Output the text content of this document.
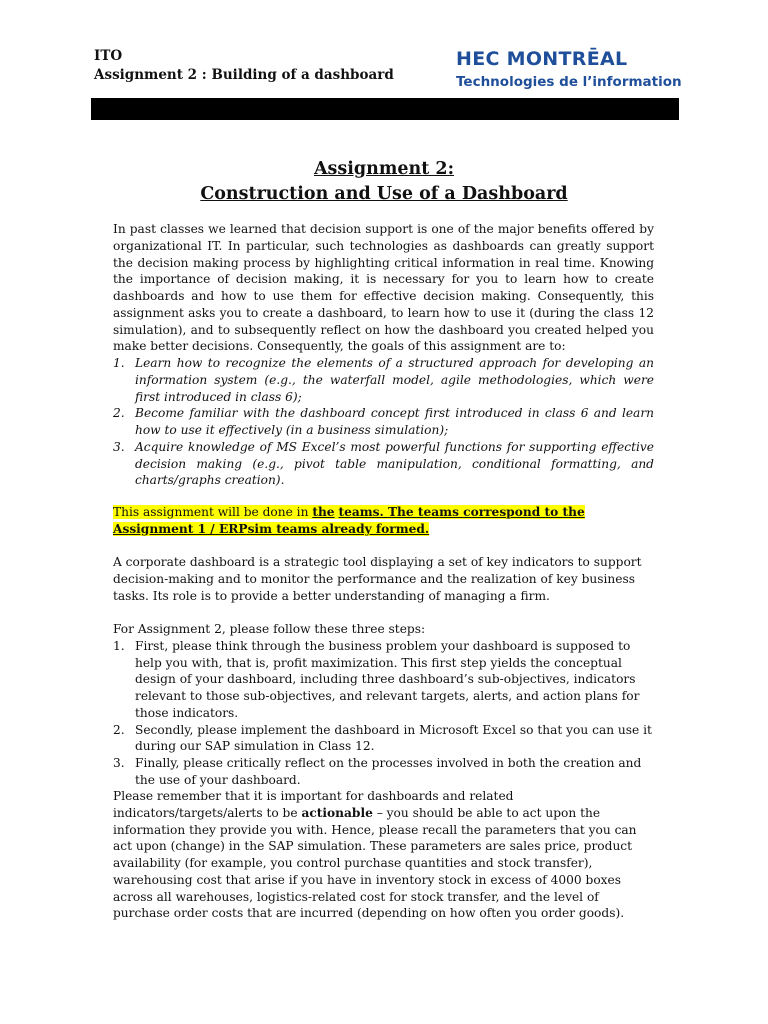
ITO
Assignment 2 : Building of a dashboard
HEC MONTRĒAL
Technologies de l’information
Assignment 2:
Construction and Use of a Dashboard

In past classes we learned that decision support is one of the major benefits offered by organizational IT. In particular, such technologies as dashboards can greatly support the decision making process by highlighting critical information in real time. Knowing the importance of decision making, it is necessary for you to learn how to create dashboards and how to use them for effective decision making. Consequently, this assignment asks you to create a dashboard, to learn how to use it (during the class 12 simulation), and to subsequently reflect on how the dashboard you created helped you make better decisions. Consequently, the goals of this assignment are to:

1. Learn how to recognize the elements of a structured approach for developing an information system (e.g., the waterfall model, agile methodologies, which were first introduced in class 6);
2. Become familiar with the dashboard concept first introduced in class 6 and learn how to use it effectively (in a business simulation);
3. Acquire knowledge of MS Excel’s most powerful functions for supporting effective decision making (e.g., pivot table manipulation, conditional formatting, and charts/graphs creation).

This assignment will be done in the teams. The teams correspond to the Assignment 1 / ERPsim teams already formed.

A corporate dashboard is a strategic tool displaying a set of key indicators to support decision-making and to monitor the performance and the realization of key business tasks. Its role is to provide a better understanding of managing a firm.

For Assignment 2, please follow these three steps:

1. First, please think through the business problem your dashboard is supposed to help you with, that is, profit maximization. This first step yields the conceptual design of your dashboard, including three dashboard’s sub-objectives, indicators relevant to those sub-objectives, and relevant targets, alerts, and action plans for those indicators.
2. Secondly, please implement the dashboard in Microsoft Excel so that you can use it during our SAP simulation in Class 12.
3. Finally, please critically reflect on the processes involved in both the creation and the use of your dashboard.

Please remember that it is important for dashboards and related indicators/targets/alerts to be actionable – you should be able to act upon the information they provide you with. Hence, please recall the parameters that you can act upon (change) in the SAP simulation. These parameters are sales price, product availability (for example, you control purchase quantities and stock transfer), warehousing cost that arise if you have in inventory stock in excess of 4000 boxes across all warehouses, logistics-related cost for stock transfer, and the level of purchase order costs that are incurred (depending on how often you order goods).
